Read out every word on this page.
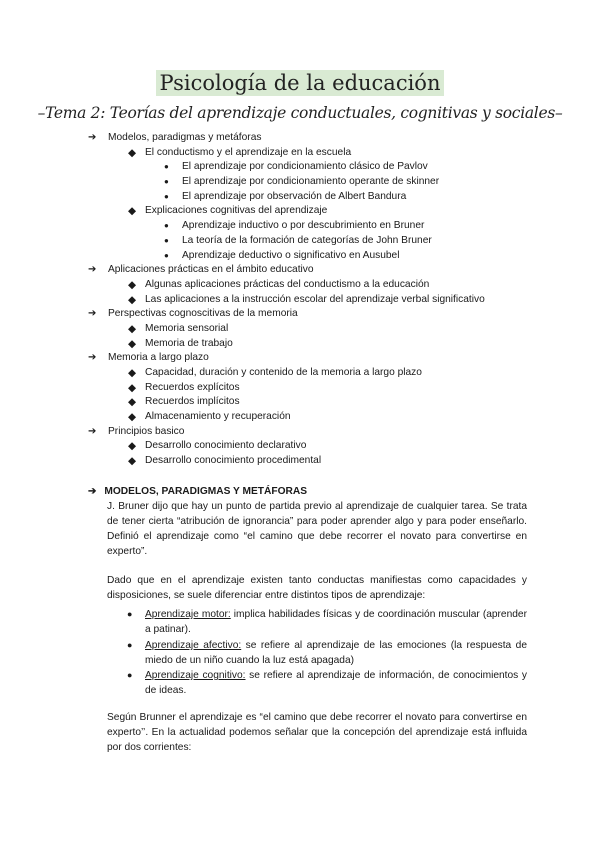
Psicología de la educación
–Tema 2: Teorías del aprendizaje conductuales, cognitivas y sociales–
➔ Modelos, paradigmas y metáforas
◆ El conductismo y el aprendizaje en la escuela
● El aprendizaje por condicionamiento clásico de Pavlov
● El aprendizaje por condicionamiento operante de skinner
● El aprendizaje por observación de Albert Bandura
◆ Explicaciones cognitivas del aprendizaje
● Aprendizaje inductivo o por descubrimiento en Bruner
● La teoría de la formación de categorías de John Bruner
● Aprendizaje deductivo o significativo en Ausubel
➔ Aplicaciones prácticas en el ámbito educativo
◆ Algunas aplicaciones prácticas del conductismo a la educación
◆ Las aplicaciones a la instrucción escolar del aprendizaje verbal significativo
➔ Perspectivas cognoscitivas de la memoria
◆ Memoria sensorial
◆ Memoria de trabajo
➔ Memoria a largo plazo
◆ Capacidad, duración y contenido de la memoria a largo plazo
◆ Recuerdos explícitos
◆ Recuerdos implícitos
◆ Almacenamiento y recuperación
➔ Principios basico
◆ Desarrollo conocimiento declarativo
◆ Desarrollo conocimiento procedimental
➔ MODELOS, PARADIGMAS Y METÁFORAS
J. Bruner dijo que hay un punto de partida previo al aprendizaje de cualquier tarea. Se trata de tener cierta “atribución de ignorancia” para poder aprender algo y para poder enseñarlo. Definió el aprendizaje como “el camino que debe recorrer el novato para convertirse en experto”.
Dado que en el aprendizaje existen tanto conductas manifiestas como capacidades y disposiciones, se suele diferenciar entre distintos tipos de aprendizaje:
● Aprendizaje motor: implica habilidades físicas y de coordinación muscular (aprender a patinar).
● Aprendizaje afectivo: se refiere al aprendizaje de las emociones (la respuesta de miedo de un niño cuando la luz está apagada)
● Aprendizaje cognitivo: se refiere al aprendizaje de información, de conocimientos y de ideas.
Según Brunner el aprendizaje es “el camino que debe recorrer el novato para convertirse en experto’’. En la actualidad podemos señalar que la concepción del aprendizaje está influida por dos corrientes:
